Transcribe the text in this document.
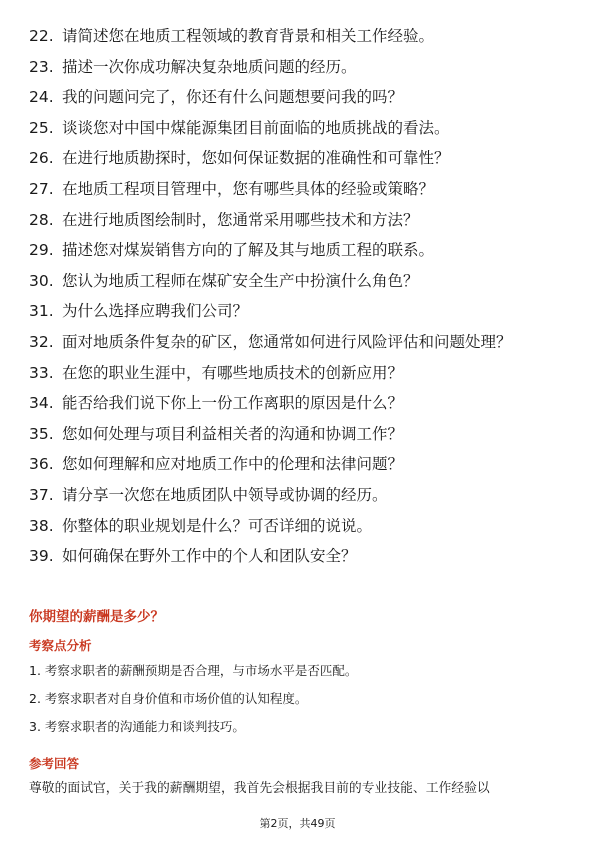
22. 请简述您在地质工程领域的教育背景和相关工作经验。
23. 描述一次你成功解决复杂地质问题的经历。
24. 我的问题问完了，你还有什么问题想要问我的吗？
25. 谈谈您对中国中煤能源集团目前面临的地质挑战的看法。
26. 在进行地质勘探时，您如何保证数据的准确性和可靠性？
27. 在地质工程项目管理中，您有哪些具体的经验或策略？
28. 在进行地质图绘制时，您通常采用哪些技术和方法？
29. 描述您对煤炭销售方向的了解及其与地质工程的联系。
30. 您认为地质工程师在煤矿安全生产中扮演什么角色？
31. 为什么选择应聘我们公司？
32. 面对地质条件复杂的矿区，您通常如何进行风险评估和问题处理？
33. 在您的职业生涯中，有哪些地质技术的创新应用？
34. 能否给我们说下你上一份工作离职的原因是什么？
35. 您如何处理与项目利益相关者的沟通和协调工作？
36. 您如何理解和应对地质工作中的伦理和法律问题？
37. 请分享一次您在地质团队中领导或协调的经历。
38. 你整体的职业规划是什么？可否详细的说说。
39. 如何确保在野外工作中的个人和团队安全？
你期望的薪酬是多少？
考察点分析
1. 考察求职者的薪酬预期是否合理，与市场水平是否匹配。
2. 考察求职者对自身价值和市场价值的认知程度。
3. 考察求职者的沟通能力和谈判技巧。
参考回答
尊敬的面试官，关于我的薪酬期望，我首先会根据我目前的专业技能、工作经验以
第2页，共49页
